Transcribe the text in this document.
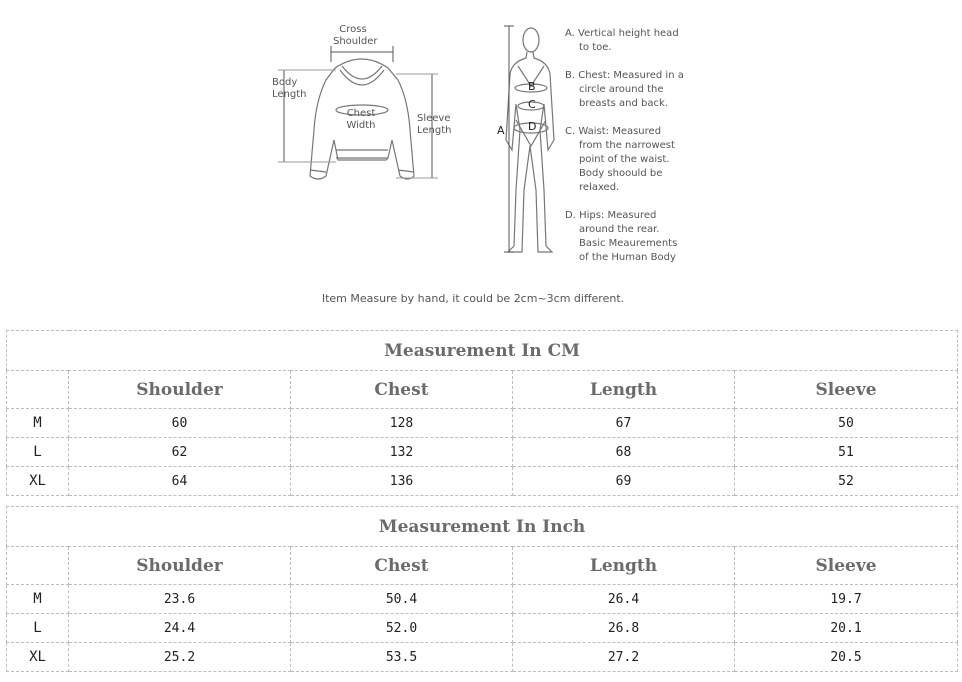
Cross
Shoulder
Body
Length
Chest
Width
Sleeve
Length
B
C
A D
A. Vertical height head
to toe.
B. Chest: Measured in a
circle around the
breasts and back.
C. Waist: Measured
from the narrowest
point of the waist.
Body shoould be
relaxed.
D. Hips: Measured
around the rear.
Basic Meaurements
of the Human Body
Item Measure by hand, it could be 2cm~3cm different.
Measurement In CM				
	Shoulder	Chest	Length	Sleeve
M	60	128	67	50
L	62	132	68	51
XL	64	136	69	52
Measurement In Inch				
	Shoulder	Chest	Length	Sleeve
M	23.6	50.4	26.4	19.7
L	24.4	52.0	26.8	20.1
XL	25.2	53.5	27.2	20.5
